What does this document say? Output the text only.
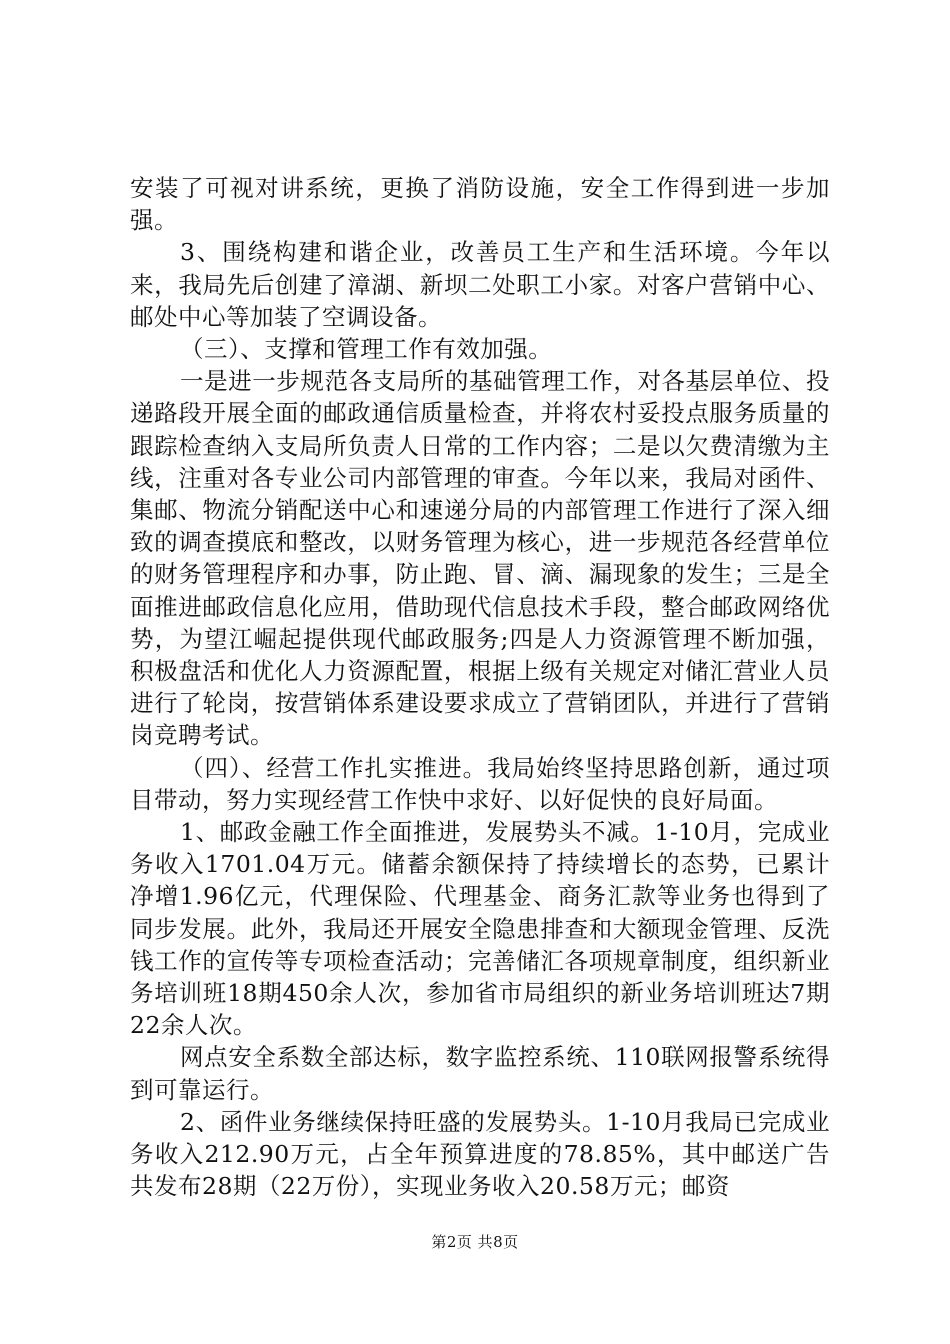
安装了可视对讲系统，更换了消防设施，安全工作得到进一步加强。

3、围绕构建和谐企业，改善员工生产和生活环境。今年以来，我局先后创建了漳湖、新坝二处职工小家。对客户营销中心、邮处中心等加装了空调设备。

（三）、支撑和管理工作有效加强。

一是进一步规范各支局所的基础管理工作，对各基层单位、投递路段开展全面的邮政通信质量检查，并将农村妥投点服务质量的跟踪检查纳入支局所负责人日常的工作内容；二是以欠费清缴为主线，注重对各专业公司内部管理的审查。今年以来，我局对函件、集邮、物流分销配送中心和速递分局的内部管理工作进行了深入细致的调查摸底和整改，以财务管理为核心，进一步规范各经营单位的财务管理程序和办事，防止跑、冒、滴、漏现象的发生；三是全面推进邮政信息化应用，借助现代信息技术手段，整合邮政网络优势，为望江崛起提供现代邮政服务;四是人力资源管理不断加强，积极盘活和优化人力资源配置，根据上级有关规定对储汇营业人员进行了轮岗，按营销体系建设要求成立了营销团队，并进行了营销岗竞聘考试。

（四）、经营工作扎实推进。我局始终坚持思路创新，通过项目带动，努力实现经营工作快中求好、以好促快的良好局面。

1、邮政金融工作全面推进，发展势头不减。1-10月，完成业务收入1701.04万元。储蓄余额保持了持续增长的态势，已累计净增1.96亿元，代理保险、代理基金、商务汇款等业务也得到了同步发展。此外，我局还开展安全隐患排查和大额现金管理、反洗钱工作的宣传等专项检查活动；完善储汇各项规章制度，组织新业务培训班18期450余人次，参加省市局组织的新业务培训班达7期22余人次。

网点安全系数全部达标，数字监控系统、110联网报警系统得到可靠运行。

2、函件业务继续保持旺盛的发展势头。1-10月我局已完成业务收入212.90万元，占全年预算进度的78.85%，其中邮送广告共发布28期（22万份），实现业务收入20.58万元；邮资

第2页 共8页
